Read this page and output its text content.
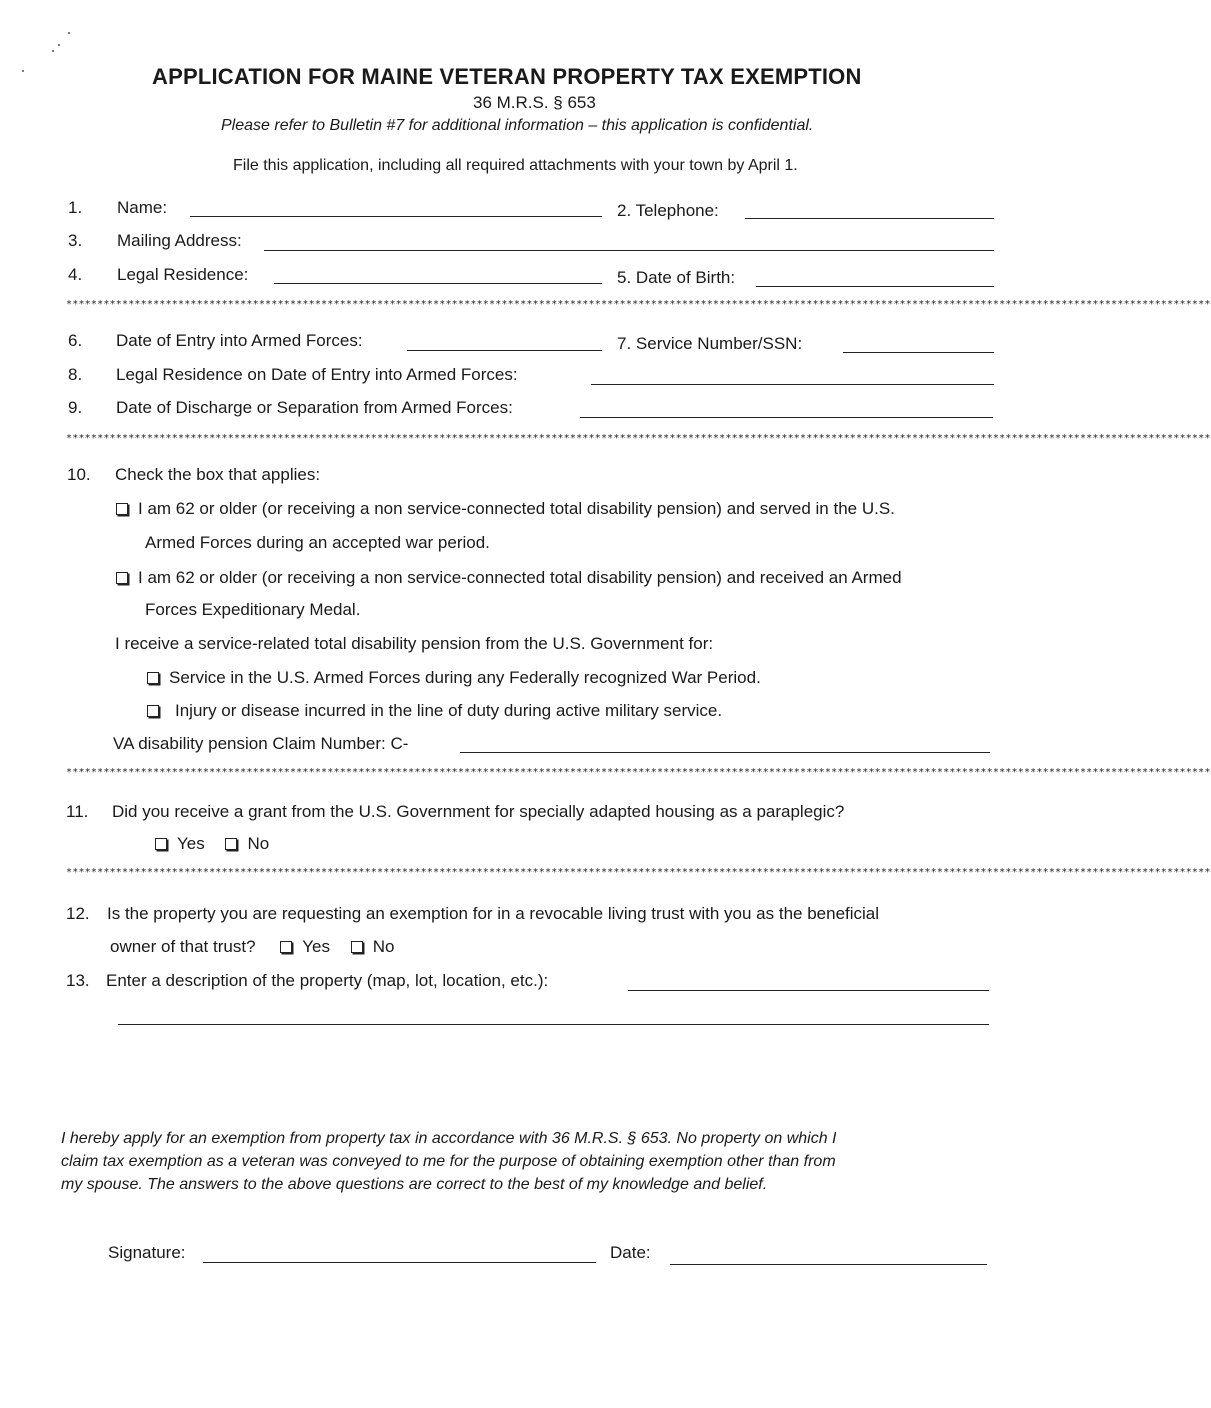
APPLICATION FOR MAINE VETERAN PROPERTY TAX EXEMPTION
36 M.R.S. § 653
Please refer to Bulletin #7 for additional information – this application is confidential.
File this application, including all required attachments with your town by April 1.
1. Name:	2. Telephone:
3. Mailing Address:
4. Legal Residence:	5. Date of Birth:
****************************************************************************************************************************************************************************************
6. Date of Entry into Armed Forces:	7. Service Number/SSN:
8. Legal Residence on Date of Entry into Armed Forces:
9. Date of Discharge or Separation from Armed Forces:
****************************************************************************************************************************************************************************************
10. Check the box that applies:
I am 62 or older (or receiving a non service-connected total disability pension) and served in the U.S.
Armed Forces during an accepted war period.
I am 62 or older (or receiving a non service-connected total disability pension) and received an Armed
Forces Expeditionary Medal.
I receive a service-related total disability pension from the U.S. Government for:
Service in the U.S. Armed Forces during any Federally recognized War Period.
Injury or disease incurred in the line of duty during active military service.
VA disability pension Claim Number: C-
****************************************************************************************************************************************************************************************
11. Did you receive a grant from the U.S. Government for specially adapted housing as a paraplegic?
Yes	No
****************************************************************************************************************************************************************************************
12. Is the property you are requesting an exemption for in a revocable living trust with you as the beneficial
owner of that trust?	Yes	No
13. Enter a description of the property (map, lot, location, etc.):
I hereby apply for an exemption from property tax in accordance with 36 M.R.S. § 653. No property on which I
claim tax exemption as a veteran was conveyed to me for the purpose of obtaining exemption other than from
my spouse. The answers to the above questions are correct to the best of my knowledge and belief.
Signature:	Date:
